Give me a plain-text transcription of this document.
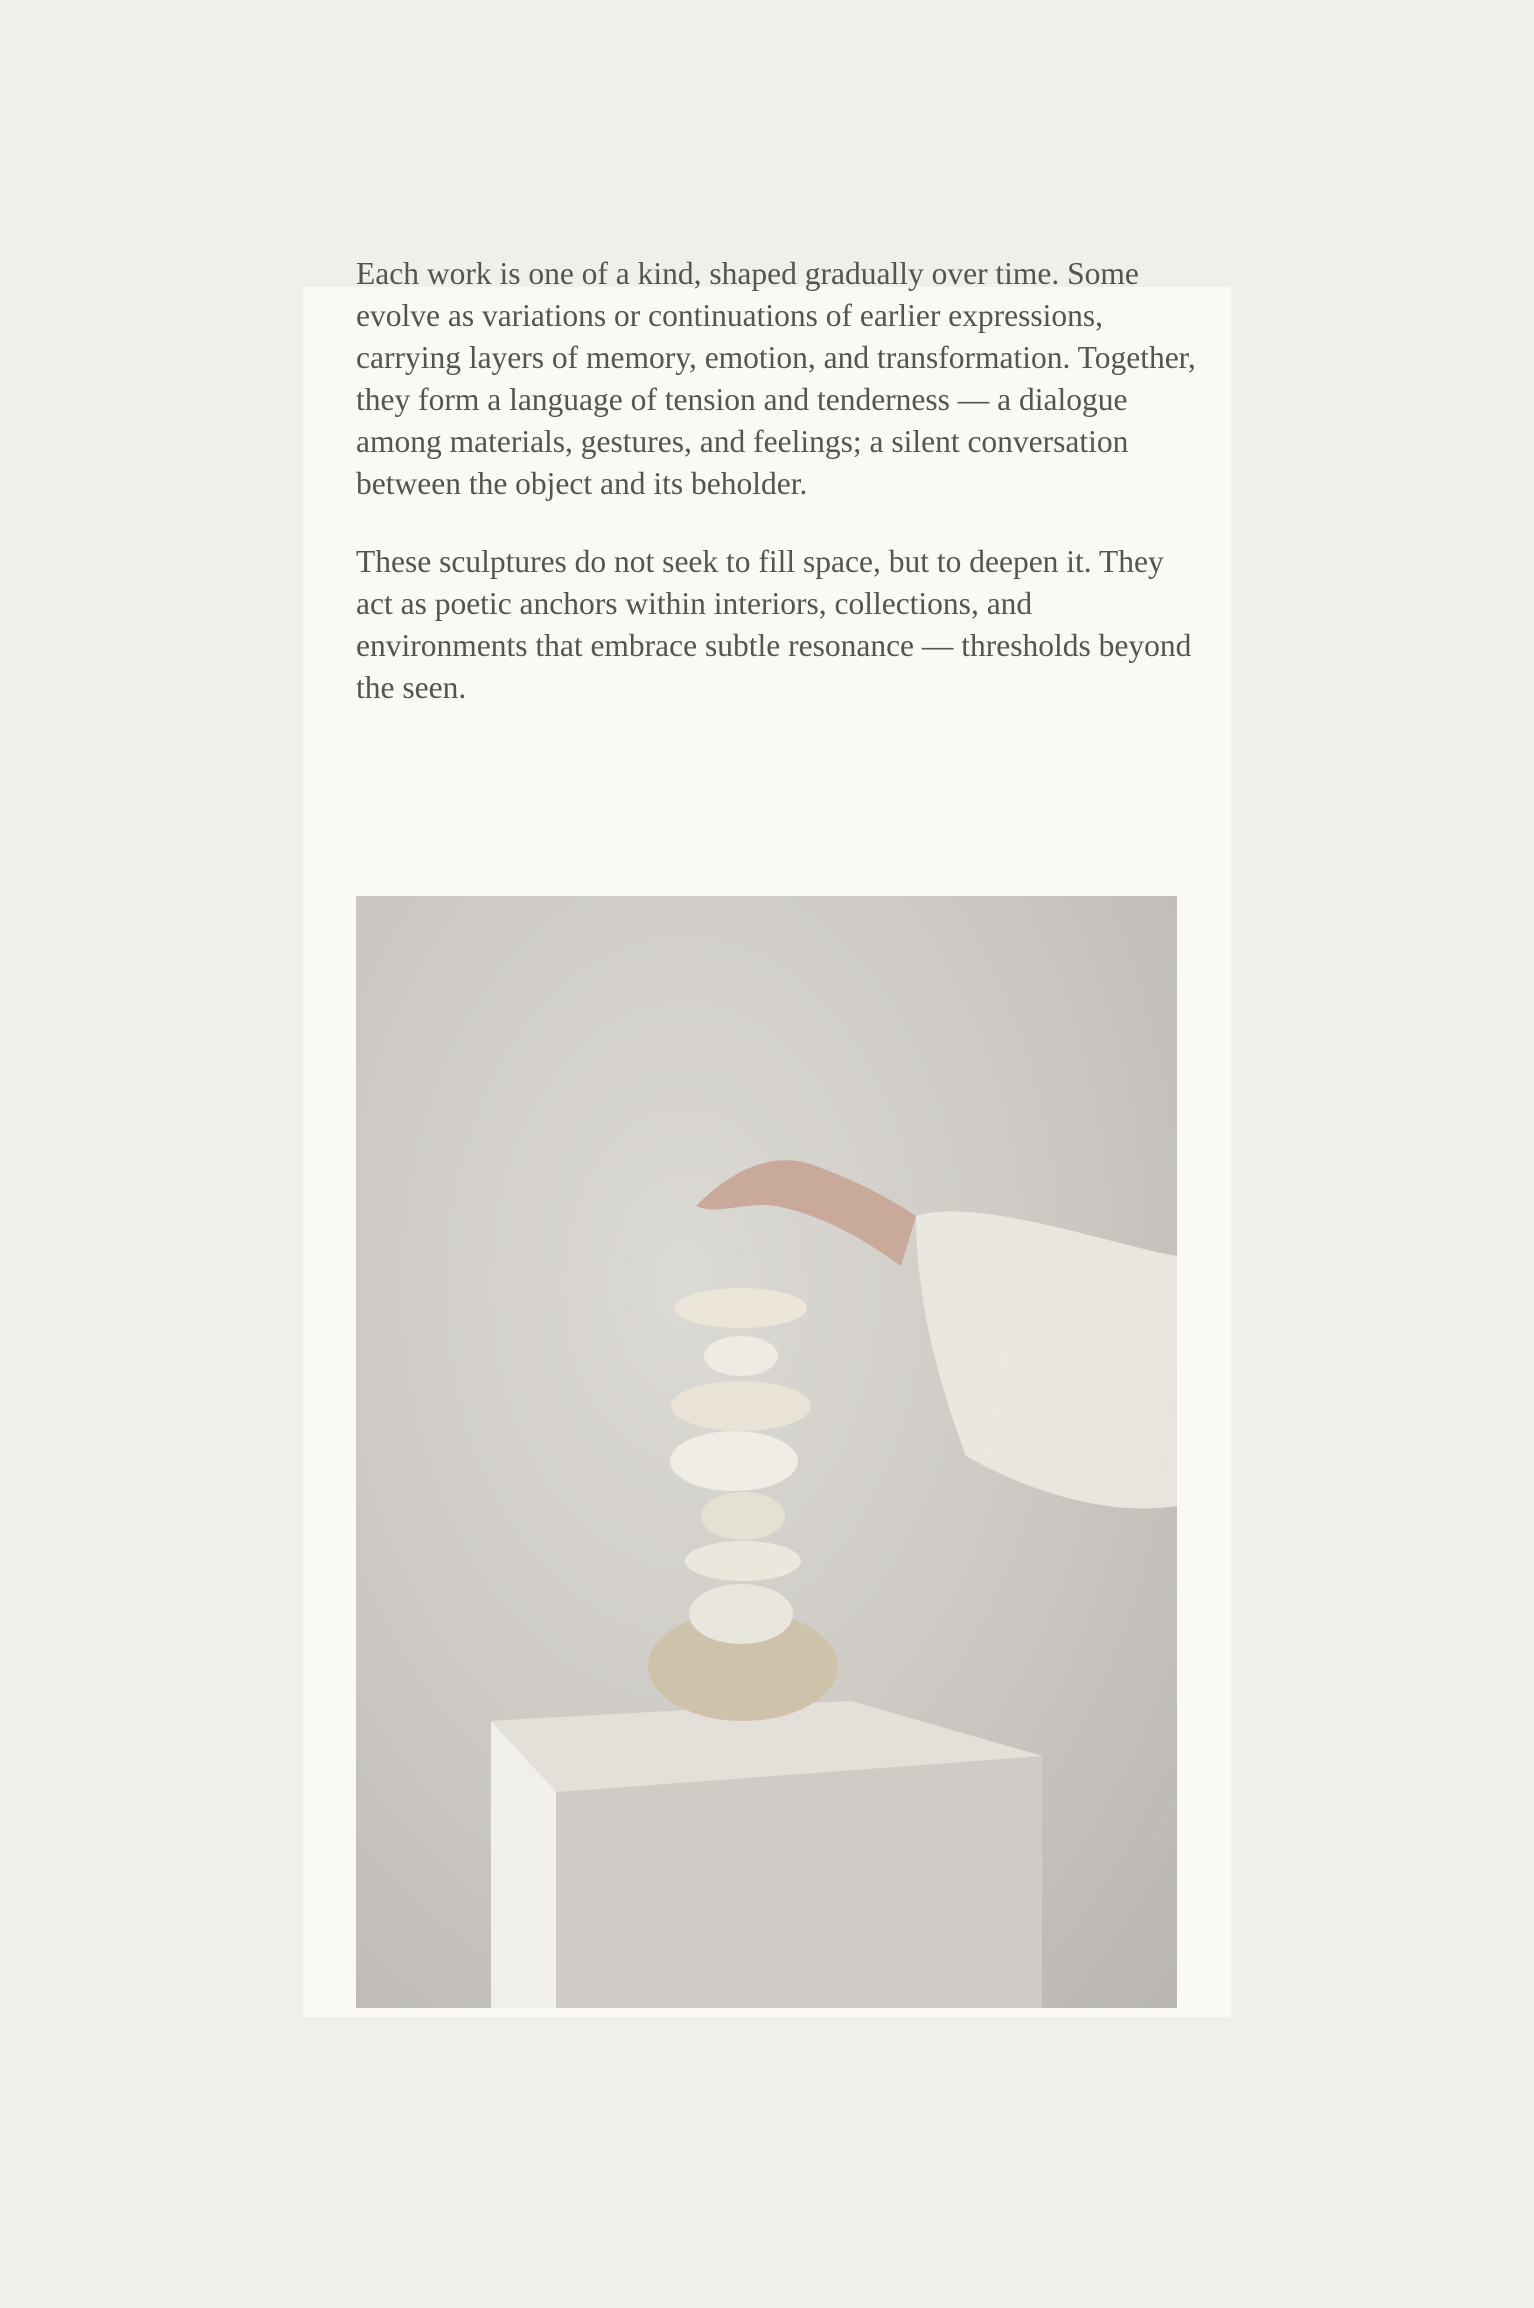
Each work is one of a kind, shaped gradually over time. Some evolve as variations or continuations of earlier expressions, carrying layers of memory, emotion, and transformation. Together, they form a language of tension and tenderness — a dialogue among materials, gestures, and feelings; a silent conversation between the object and its beholder.

These sculptures do not seek to fill space, but to deepen it. They act as poetic anchors within interiors, collections, and environments that embrace subtle resonance — thresholds beyond the seen.
